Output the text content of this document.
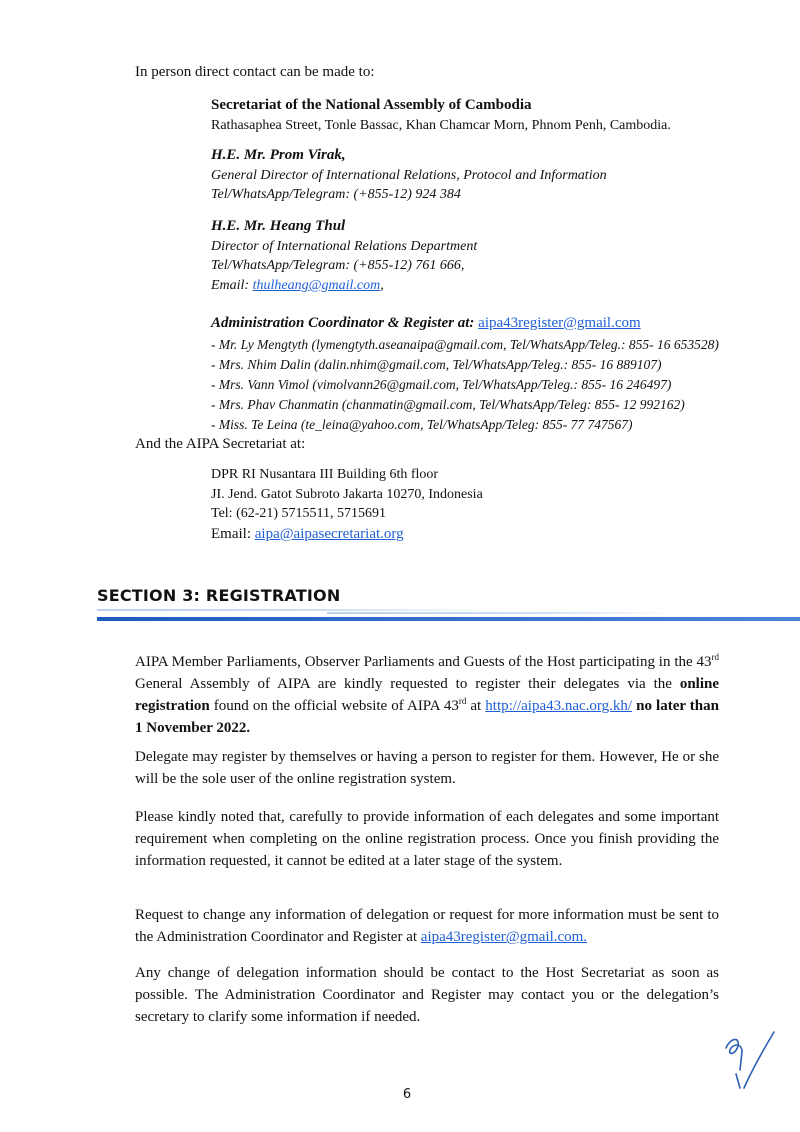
In person direct contact can be made to:
Secretariat of the National Assembly of Cambodia
Rathasaphea Street, Tonle Bassac, Khan Chamcar Morn, Phnom Penh, Cambodia.
H.E. Mr. Prom Virak,
General Director of International Relations, Protocol and Information
Tel/WhatsApp/Telegram: (+855-12) 924 384
H.E. Mr. Heang Thul
Director of International Relations Department
Tel/WhatsApp/Telegram: (+855-12) 761 666,
Email: thulheang@gmail.com,
Administration Coordinator & Register at: aipa43register@gmail.com
- Mr. Ly Mengtyth (lymengtyth.aseanaipa@gmail.com, Tel/WhatsApp/Teleg.: 855- 16 653528)
- Mrs. Nhim Dalin (dalin.nhim@gmail.com, Tel/WhatsApp/Teleg.: 855- 16 889107)
- Mrs. Vann Vimol (vimolvann26@gmail.com, Tel/WhatsApp/Teleg.: 855- 16 246497)
- Mrs. Phav Chanmatin (chanmatin@gmail.com, Tel/WhatsApp/Teleg: 855- 12 992162)
- Miss. Te Leina (te_leina@yahoo.com, Tel/WhatsApp/Teleg: 855- 77 747567)
And the AIPA Secretariat at:
DPR RI Nusantara III Building 6th floor
JI. Jend. Gatot Subroto Jakarta 10270, Indonesia
Tel: (62-21) 5715511, 5715691
Email: aipa@aipasecretariat.org
SECTION 3: REGISTRATION
AIPA Member Parliaments, Observer Parliaments and Guests of the Host participating in the 43rd General Assembly of AIPA are kindly requested to register their delegates via the online registration found on the official website of AIPA 43rd at http://aipa43.nac.org.kh/ no later than 1 November 2022.
Delegate may register by themselves or having a person to register for them. However, He or she will be the sole user of the online registration system.
Please kindly noted that, carefully to provide information of each delegates and some important requirement when completing on the online registration process. Once you finish providing the information requested, it cannot be edited at a later stage of the system.
Request to change any information of delegation or request for more information must be sent to the Administration Coordinator and Register at aipa43register@gmail.com.
Any change of delegation information should be contact to the Host Secretariat as soon as possible. The Administration Coordinator and Register may contact you or the delegation’s secretary to clarify some information if needed.
6
